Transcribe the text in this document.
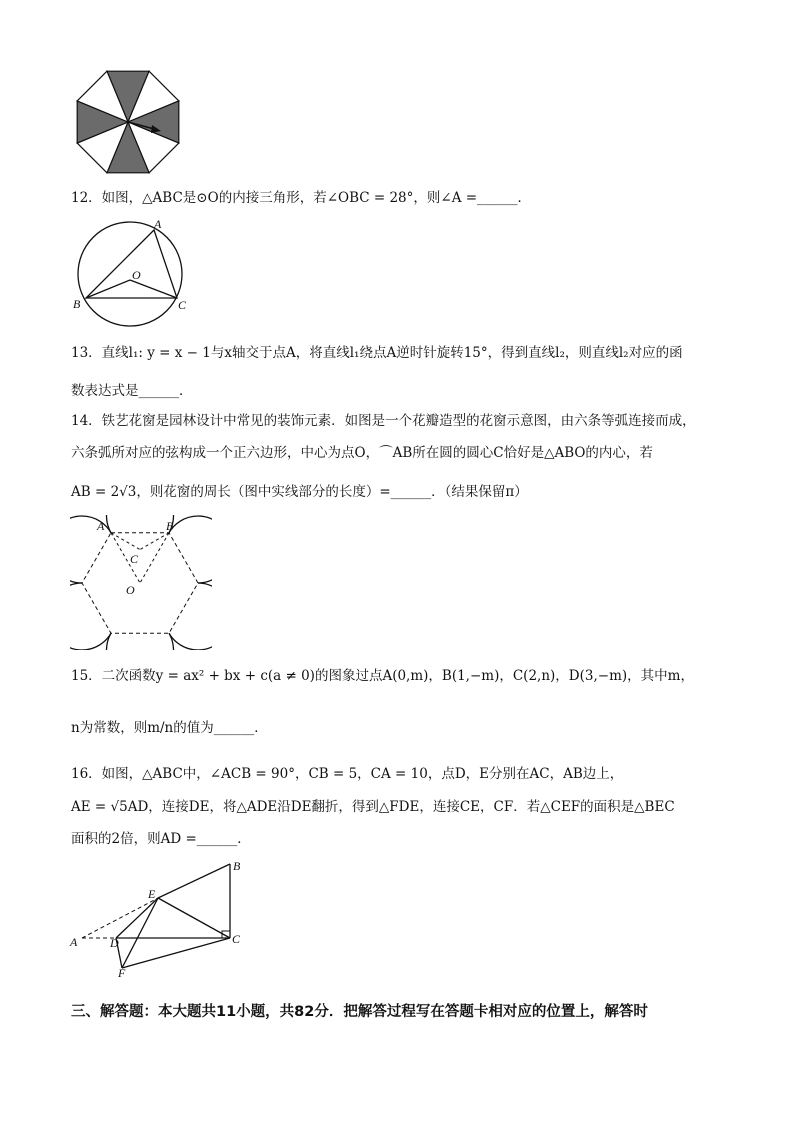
12．如图，△ABC是⊙O的内接三角形，若∠OBC = 28°，则∠A =______．
A
B	C
O
13．直线l₁: y = x − 1与x轴交于点A，将直线l₁绕点A逆时针旋转15°，得到直线l₂，则直线l₂对应的函
数表达式是______．
14．铁艺花窗是园林设计中常见的装饰元素．如图是一个花瓣造型的花窗示意图，由六条等弧连接而成，
六条弧所对应的弦构成一个正六边形，中心为点O，⌒AB所在圆的圆心C恰好是△ABO的内心，若
AB = 2√3，则花窗的周长（图中实线部分的长度）=______．（结果保留π）
A	B
C
O
15．二次函数y = ax² + bx + c(a ≠ 0)的图象过点A(0,m)，B(1,−m)，C(2,n)，D(3,−m)，其中m，
n为常数，则m/n的值为______．
16．如图，△ABC中，∠ACB = 90°，CB = 5，CA = 10，点D，E分别在AC，AB边上，
AE = √5AD，连接DE，将△ADE沿DE翻折，得到△FDE，连接CE，CF．若△CEF的面积是△BEC
面积的2倍，则AD =______．
A
B
C
D
E
F
三、解答题：本大题共11小题，共82分．把解答过程写在答题卡相对应的位置上，解答时
